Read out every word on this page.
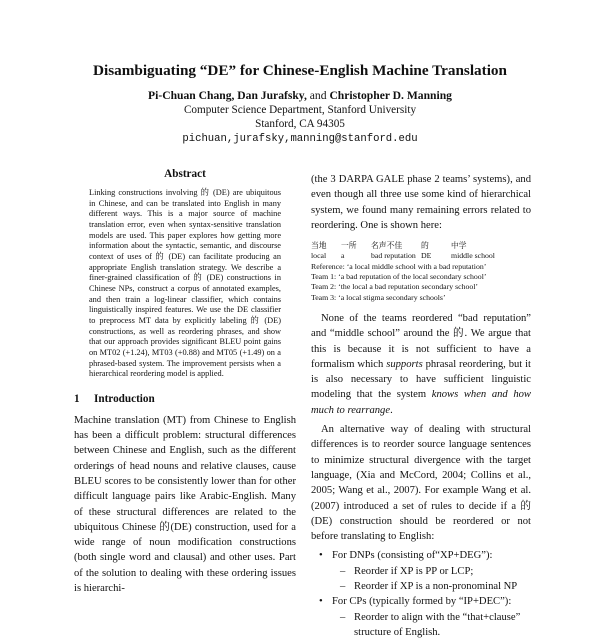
Disambiguating “DE” for Chinese-English Machine Translation
Pi-Chuan Chang, Dan Jurafsky, and Christopher D. Manning
Computer Science Department, Stanford University
Stanford, CA 94305
pichuan,jurafsky,manning@stanford.edu
Abstract

Linking constructions involving 的 (DE) are ubiquitous in Chinese, and can be translated into English in many different ways. This is a major source of machine translation error, even when syntax-sensitive translation models are used. This paper explores how getting more information about the syntactic, semantic, and discourse context of uses of 的 (DE) can facilitate producing an appropriate English translation strategy. We describe a finer-grained classification of 的 (DE) constructions in Chinese NPs, construct a corpus of annotated examples, and then train a log-linear classifier, which contains linguistically inspired features. We use the DE classifier to preprocess MT data by explicitly labeling 的 (DE) constructions, as well as reordering phrases, and show that our approach provides significant BLEU point gains on MT02 (+1.24), MT03 (+0.88) and MT05 (+1.49) on a phrased-based system. The improvement persists when a hierarchical reordering model is applied.

1 Introduction

Machine translation (MT) from Chinese to English has been a difficult problem: structural differences between Chinese and English, such as the different orderings of head nouns and relative clauses, cause BLEU scores to be consistently lower than for other difficult language pairs like Arabic-English. Many of these structural differences are related to the ubiquitous Chinese 的(DE) construction, used for a wide range of noun modification constructions (both single word and clausal) and other uses. Part of the solution to dealing with these ordering issues is hierarchi-

(the 3 DARPA GALE phase 2 teams’ systems), and even though all three use some kind of hierarchical system, we found many remaining errors related to reordering. One is shown here:

当地	一所	名声不佳	的	中学
local	a	bad reputation DE	middle school
Reference: ‘a local middle school with a bad reputation’
Team 1: ‘a bad reputation of the local secondary school’
Team 2: ‘the local a bad reputation secondary school’
Team 3: ‘a local stigma secondary schools’

None of the teams reordered “bad reputation” and “middle school” around the 的. We argue that this is because it is not sufficient to have a formalism which supports phrasal reordering, but it is also necessary to have sufficient linguistic modeling that the system knows when and how much to rearrange.

An alternative way of dealing with structural differences is to reorder source language sentences to minimize structural divergence with the target language, (Xia and McCord, 2004; Collins et al., 2005; Wang et al., 2007). For example Wang et al. (2007) introduced a set of rules to decide if a 的(DE) construction should be reordered or not before translating to English:

• For DNPs (consisting of“XP+DEG”):
– Reorder if XP is PP or LCP;
– Reorder if XP is a non-pronominal NP
• For CPs (typically formed by “IP+DEC”):
– Reorder to align with the “that+clause” structure of English.
